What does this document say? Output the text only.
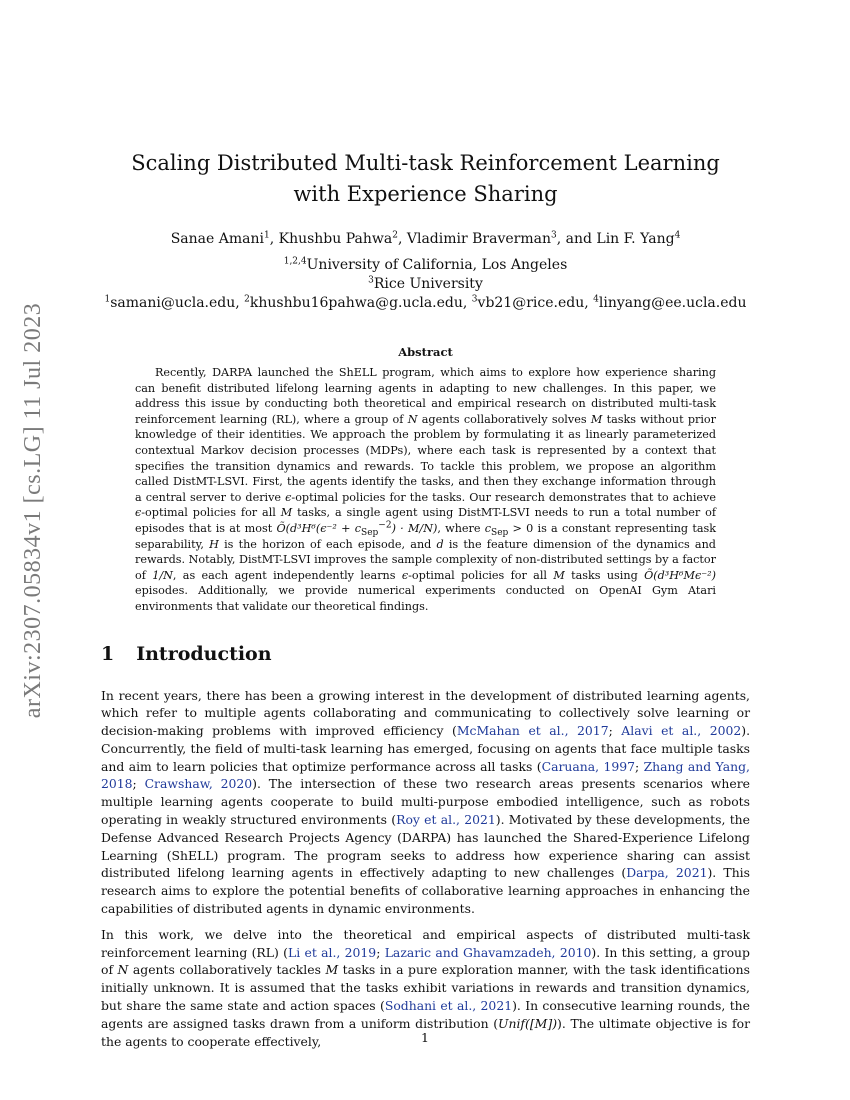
arXiv:2307.05834v1 [cs.LG] 11 Jul 2023
Scaling Distributed Multi-task Reinforcement Learning
with Experience Sharing
Sanae Amani$^1$, Khushbu Pahwa$^2$, Vladimir Braverman$^3$, and Lin F. Yang$^4$
$^{1,2,4}$University of California, Los Angeles
$^3$Rice University
$^1$samani@ucla.edu, $^2$khushbu16pahwa@g.ucla.edu, $^3$vb21@rice.edu, $^4$linyang@ee.ucla.edu
Abstract

Recently, DARPA launched the ShELL program, which aims to explore how experience sharing can benefit distributed lifelong learning agents in adapting to new challenges. In this paper, we address this issue by conducting both theoretical and empirical research on distributed multi-task reinforcement learning (RL), where a group of N agents collaboratively solves M tasks without prior knowledge of their identities. We approach the problem by formulating it as linearly parameterized contextual Markov decision processes (MDPs), where each task is represented by a context that specifies the transition dynamics and rewards. To tackle this problem, we propose an algorithm called DistMT-LSVI. First, the agents identify the tasks, and then they exchange information through a central server to derive ϵ-optimal policies for the tasks. Our research demonstrates that to achieve ϵ-optimal policies for all M tasks, a single agent using DistMT-LSVI needs to run a total number of episodes that is at most Õ(d³H⁶(ϵ⁻² + $c_{Sep}^{-2}) \cdot M/N$), where $c_{Sep} > 0$ is a constant representing task separability, H is the horizon of each episode, and d is the feature dimension of the dynamics and rewards. Notably, DistMT-LSVI improves the sample complexity of non-distributed settings by a factor of 1/N, as each agent independently learns ϵ-optimal policies for all M tasks using Õ(d³H⁶Mϵ⁻²) episodes. Additionally, we provide numerical experiments conducted on OpenAI Gym Atari environments that validate our theoretical findings.

1 Introduction

In recent years, there has been a growing interest in the development of distributed learning agents, which refer to multiple agents collaborating and communicating to collectively solve learning or decision-making problems with improved efficiency (McMahan et al., 2017; Alavi et al., 2002). Concurrently, the field of multi-task learning has emerged, focusing on agents that face multiple tasks and aim to learn policies that optimize performance across all tasks (Caruana, 1997; Zhang and Yang, 2018; Crawshaw, 2020). The intersection of these two research areas presents scenarios where multiple learning agents cooperate to build multi-purpose embodied intelligence, such as robots operating in weakly structured environments (Roy et al., 2021). Motivated by these developments, the Defense Advanced Research Projects Agency (DARPA) has launched the Shared-Experience Lifelong Learning (ShELL) program. The program seeks to address how experience sharing can assist distributed lifelong learning agents in effectively adapting to new challenges (Darpa, 2021). This research aims to explore the potential benefits of collaborative learning approaches in enhancing the capabilities of distributed agents in dynamic environments.

In this work, we delve into the theoretical and empirical aspects of distributed multi-task reinforcement learning (RL) (Li et al., 2019; Lazaric and Ghavamzadeh, 2010). In this setting, a group of N agents collaboratively tackles M tasks in a pure exploration manner, with the task identifications initially unknown. It is assumed that the tasks exhibit variations in rewards and transition dynamics, but share the same state and action spaces (Sodhani et al., 2021). In consecutive learning rounds, the agents are assigned tasks drawn from a uniform distribution (Unif([M])). The ultimate objective is for the agents to cooperate effectively,	1
